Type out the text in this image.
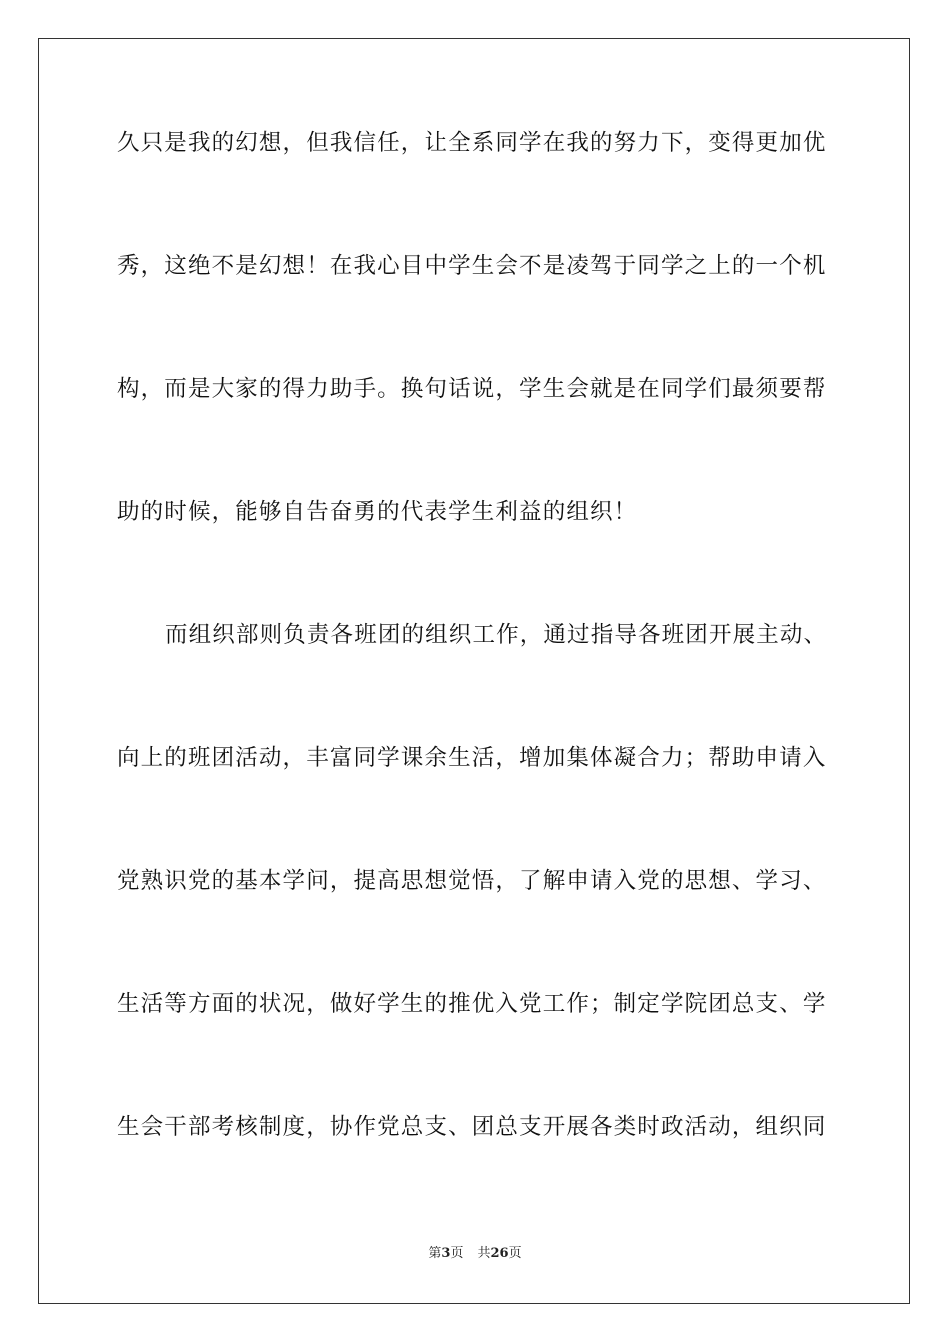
久只是我的幻想，但我信任，让全系同学在我的努力下，变得更加优
秀，这绝不是幻想！在我心目中学生会不是凌驾于同学之上的一个机
构，而是大家的得力助手。换句话说，学生会就是在同学们最须要帮
助的时候，能够自告奋勇的代表学生利益的组织！
而组织部则负责各班团的组织工作，通过指导各班团开展主动、
向上的班团活动，丰富同学课余生活，增加集体凝合力；帮助申请入
党熟识党的基本学问，提高思想觉悟，了解申请入党的思想、学习、
生活等方面的状况，做好学生的推优入党工作；制定学院团总支、学
生会干部考核制度，协作党总支、团总支开展各类时政活动，组织同
第3页 共26页
